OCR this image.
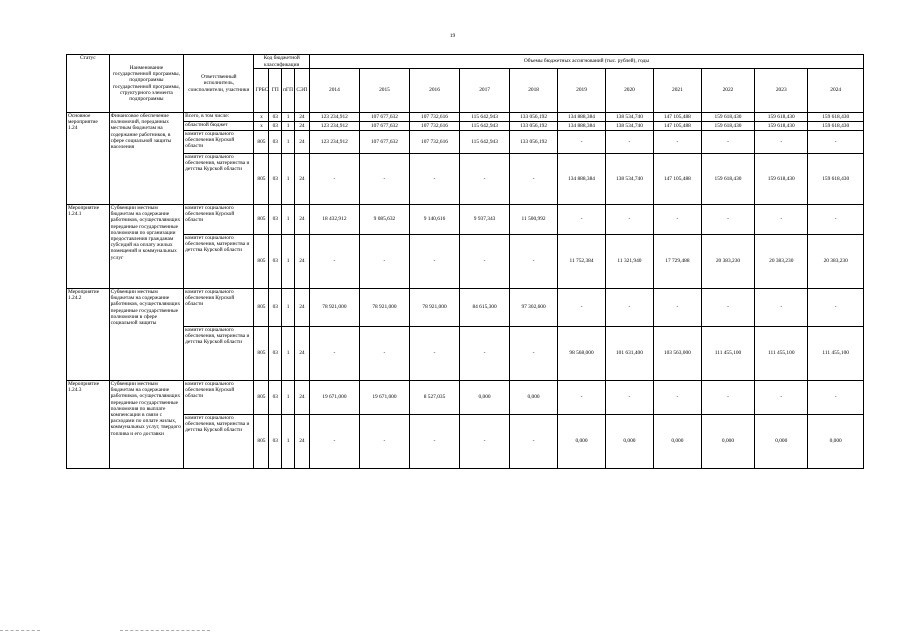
19
Статус	Наименование государственной программы, подпрограммы государственной программы, структурного элемента подпрограммы	Ответственный исполнитель, соисполнители, участники	Код бюджетной классификации				Объемы бюджетных ассигнований (тыс. рублей), годы										
			ГРБС	ГП	пГП	СЭП	2014	2015	2016	2017	2018	2019	2020	2021	2022	2023	2024
Основное мероприятие 1.24	Финансовое обеспечение полномочий, переданных местным бюджетам на содержание работников, в сфере социальной защиты населения	Всего, в том числе:	х	03	1	24	123 234,912	107 677,632	107 732,616	115 642,943	133 056,192	134 888,384	138 534,740	147 105,488	159 618,430	159 618,430	159 618,430
		областной бюджет	х	03	1	24	123 234,912	107 677,632	107 732,616	115 642,943	133 056,192	134 888,384	138 534,740	147 105,488	159 618,430	159 618,430	159 618,430
		комитет социального обеспечения Курской области	805	03	1	24	123 234,912	107 677,632	107 732,616	115 642,943	133 056,192	-	-	-	-	-	-
		комитет социального обеспечения, материнства и детства Курской области	805	03	1	24	-	-	-	-	-	134 888,384	138 534,740	147 105,488	159 618,430	159 618,430	159 618,430
Мероприятие 1.24.1	Субвенции местным бюджетам на содержание работников, осуществляющих переданные государственные полномочия по организации предоставления гражданам субсидий на оплату жилых помещений и коммунальных услуг	комитет социального обеспечения Курской области	805	03	1	24	18 432,912	9 085,632	9 140,616	9 937,343	11 500,992	-	-	-	-	-	-
		комитет социального обеспечения, материнства и детства Курской области	805	03	1	24	-	-	-	-	-	11 752,384	11 321,940	17 729,488	20 383,230	20 383,230	20 383,230
Мероприятие 1.24.2	Субвенции местным бюджетам на содержание работников, осуществляющих переданные государственные полномочия в сфере социальной защиты	комитет социального обеспечения Курской области	805	03	1	24	78 921,000	78 921,000	78 921,000	84 615,300	97 302,600	-	-	-	-	-	-
		комитет социального обеспечения, материнства и детства Курской области	805	03	1	24	-	-	-	-	-	98 568,000	101 631,400	103 563,000	111 455,100	111 455,100	111 455,100
Мероприятие 1.24.3	Субвенции местным бюджетам на содержание работников, осуществляющих переданные государственные полномочия по выплате компенсации в связи с расходами по оплате жилых, коммунальных услуг, твердого топлива и его доставки	комитет социального обеспечения Курской области	805	03	1	24	19 671,000	19 671,000	8 527,035	0,000	0,000	-	-	-	-	-	-
		комитет социального обеспечения, материнства и детства Курской области	805	03	1	24	-	-	-	-	-	0,000	0,000	0,000	0,000	0,000	0,000
